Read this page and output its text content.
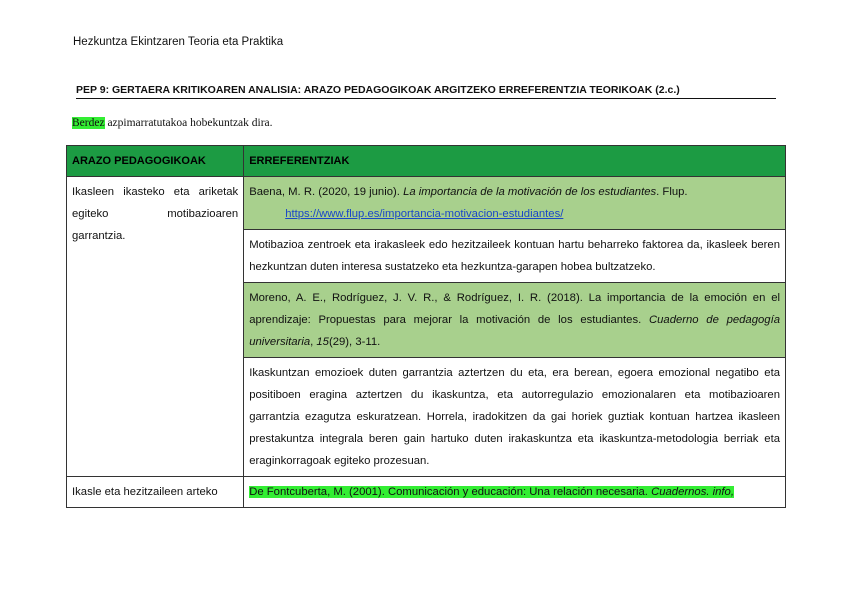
Hezkuntza Ekintzaren Teoria eta Praktika
PEP 9: GERTAERA KRITIKOAREN ANALISIA: ARAZO PEDAGOGIKOAK ARGITZEKO ERREFERENTZIA TEORIKOAK (2.c.)
Berdez azpimarratutakoa hobekuntzak dira.
ARAZO PEDAGOGIKOAK	ERREFERENTZIAK
Ikasleen ikasteko eta ariketak egiteko motibazioaren garrantzia.	Baena, M. R. (2020, 19 junio). La importancia de la motivación de los estudiantes. Flup.
https://www.flup.es/importancia-motivacion-estudiantes/

	Motibazioa zentroek eta irakasleek edo hezitzaileek kontuan hartu beharreko faktorea da, ikasleek beren hezkuntzan duten interesa sustatzeko eta hezkuntza-garapen hobea bultzatzeko.
	Moreno, A. E., Rodríguez, J. V. R., & Rodríguez, I. R. (2018). La importancia de la emoción en el aprendizaje: Propuestas para mejorar la motivación de los estudiantes. Cuaderno de pedagogía universitaria, 15(29), 3-11.
	Ikaskuntzan emozioek duten garrantzia aztertzen du eta, era berean, egoera emozional negatibo eta positiboen eragina aztertzen du ikaskuntza, eta autorregulazio emozionalaren eta motibazioaren garrantzia ezagutza eskuratzean. Horrela, iradokitzen da gai horiek guztiak kontuan hartzea ikasleen prestakuntza integrala beren gain hartuko duten irakaskuntza eta ikaskuntza-metodologia berriak eta eraginkorragoak egiteko prozesuan.
Ikasle eta hezitzaileen arteko	De Fontcuberta, M. (2001). Comunicación y educación: Una relación necesaria. Cuadernos. info,
